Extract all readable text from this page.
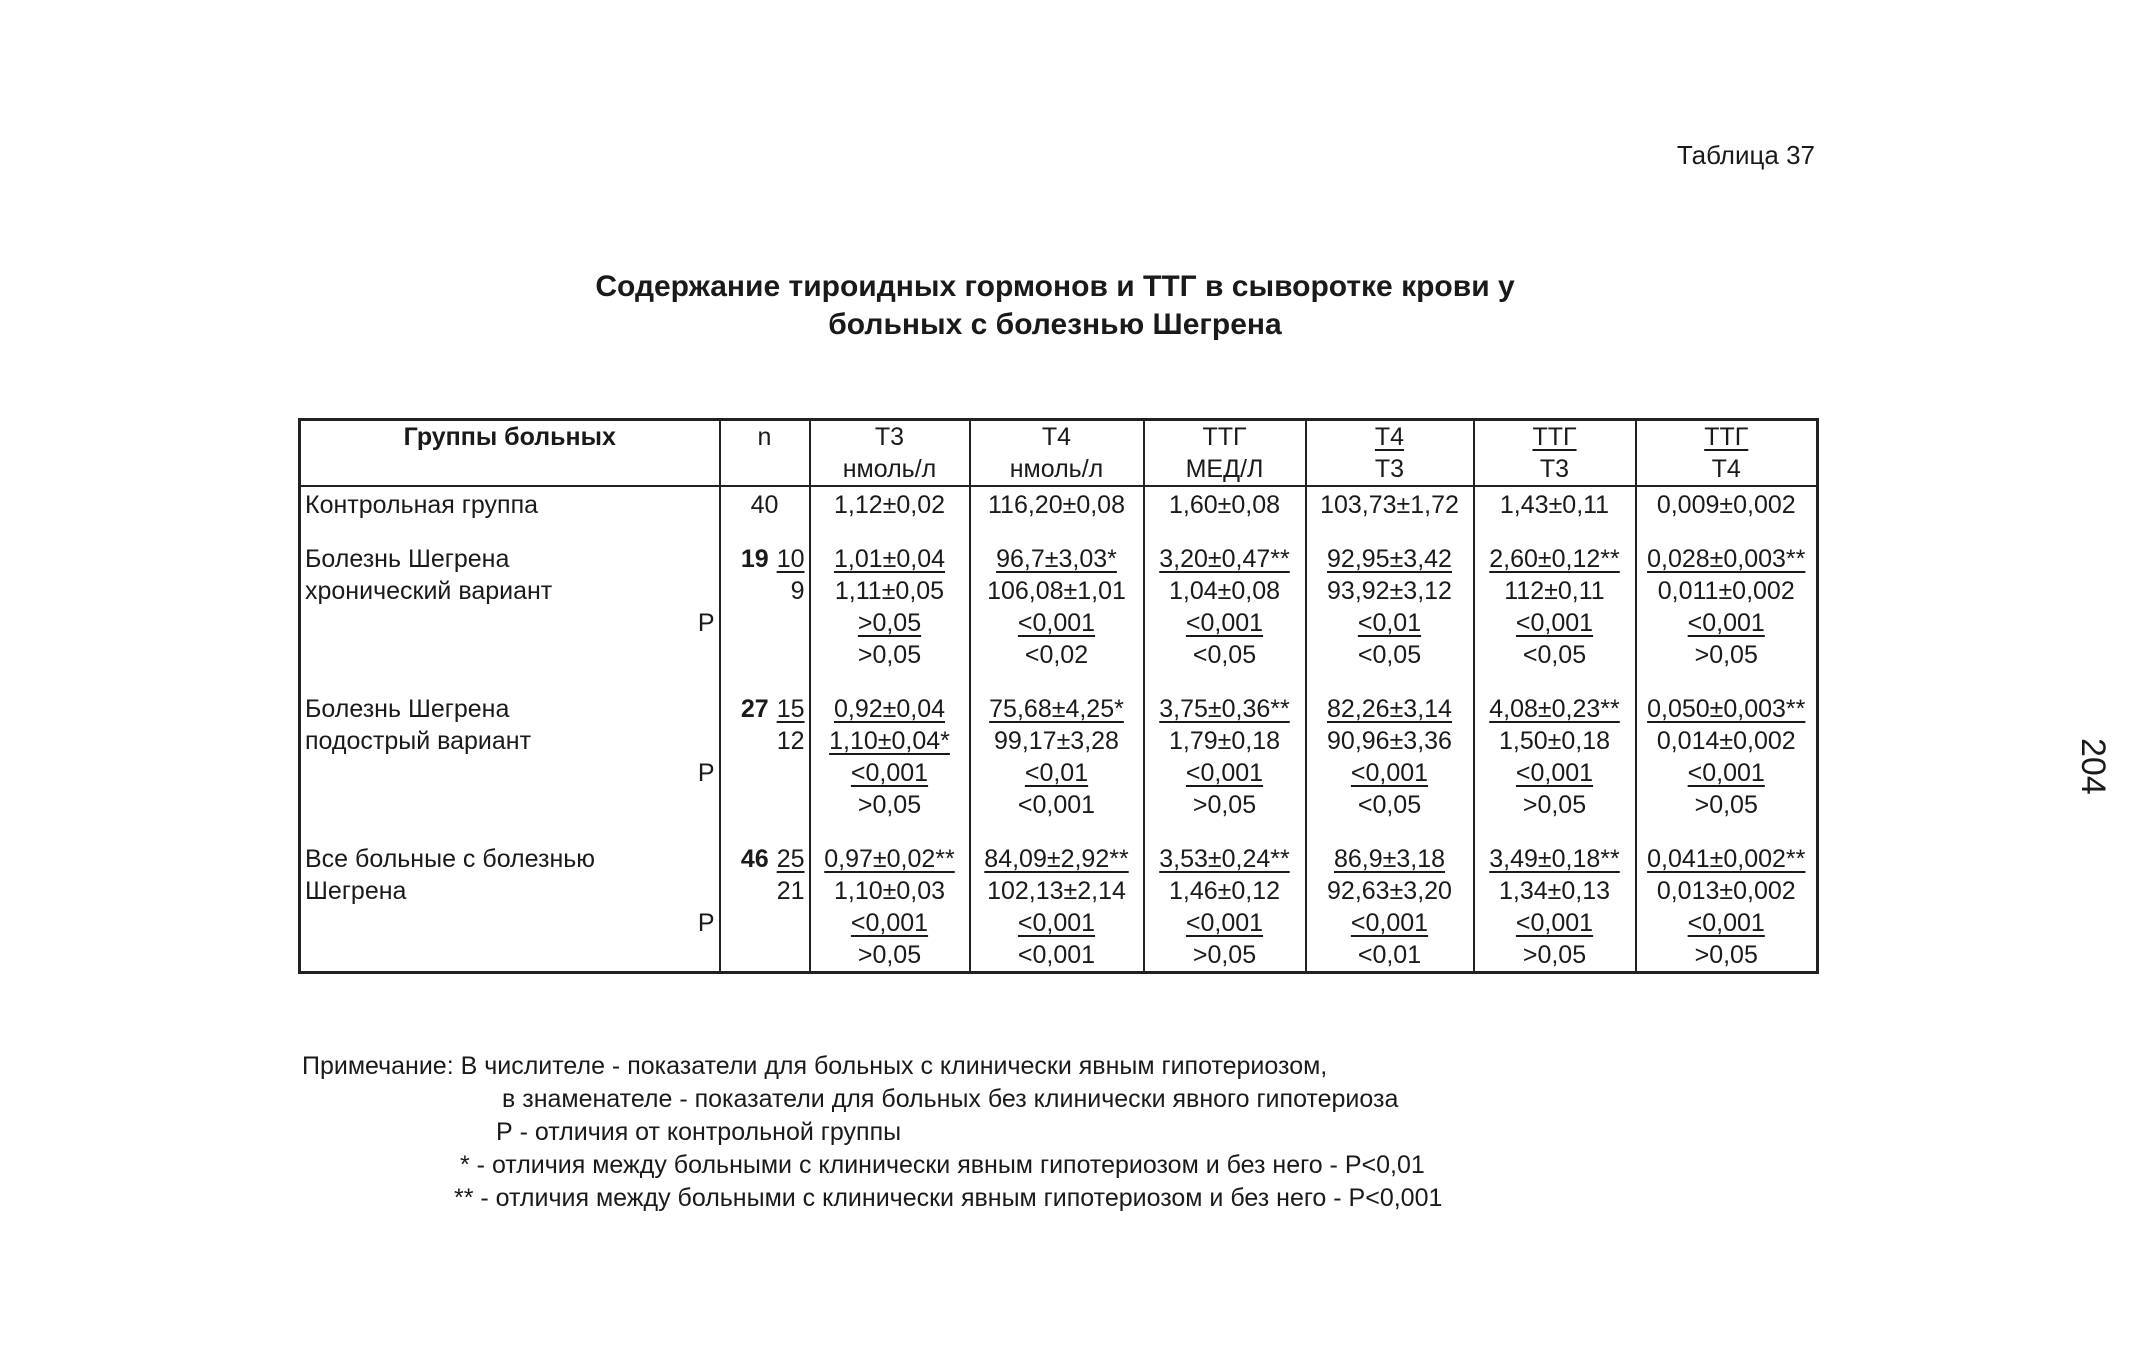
Таблица 37
Содержание тироидных гормонов и ТТГ в сыворотке крови у
больных с болезнью Шегрена
Группы больных	n	Т3	Т4	ТТГ	Т4	ТТГ	ТТГ
		нмоль/л	нмоль/л	МЕД/Л	Т3	Т3	Т4
Контрольная группа	40	1,12±0,02	116,20±0,08	1,60±0,08	103,73±1,72	1,43±0,11	0,009±0,002

Болезнь Шегрена	19 10	1,01±0,04	96,7±3,03*	3,20±0,47**	92,95±3,42	2,60±0,12**	0,028±0,003**
хронический вариант	9	1,11±0,05	106,08±1,01	1,04±0,08	93,92±3,12	112±0,11	0,011±0,002
P		>0,05	<0,001	<0,001	<0,01	<0,001	<0,001
		>0,05	<0,02	<0,05	<0,05	<0,05	>0,05

Болезнь Шегрена	27 15	0,92±0,04	75,68±4,25*	3,75±0,36**	82,26±3,14	4,08±0,23**	0,050±0,003**
подострый вариант	12	1,10±0,04*	99,17±3,28	1,79±0,18	90,96±3,36	1,50±0,18	0,014±0,002
P		<0,001	<0,01	<0,001	<0,001	<0,001	<0,001
		>0,05	<0,001	>0,05	<0,05	>0,05	>0,05

Все больные с болезнью	46 25	0,97±0,02**	84,09±2,92**	3,53±0,24**	86,9±3,18	3,49±0,18**	0,041±0,002**
Шегрена	21	1,10±0,03	102,13±2,14	1,46±0,12	92,63±3,20	1,34±0,13	0,013±0,002
P		<0,001	<0,001	<0,001	<0,001	<0,001	<0,001
		>0,05	<0,001	>0,05	<0,01	>0,05	>0,05
204
Примечание: В числителе - показатели для больных с клинически явным гипотериозом,
в знаменателе - показатели для больных без клинически явного гипотериоза
Р - отличия от контрольной группы
* - отличия между больными с клинически явным гипотериозом и без него - Р<0,01
** - отличия между больными с клинически явным гипотериозом и без него - Р<0,001
